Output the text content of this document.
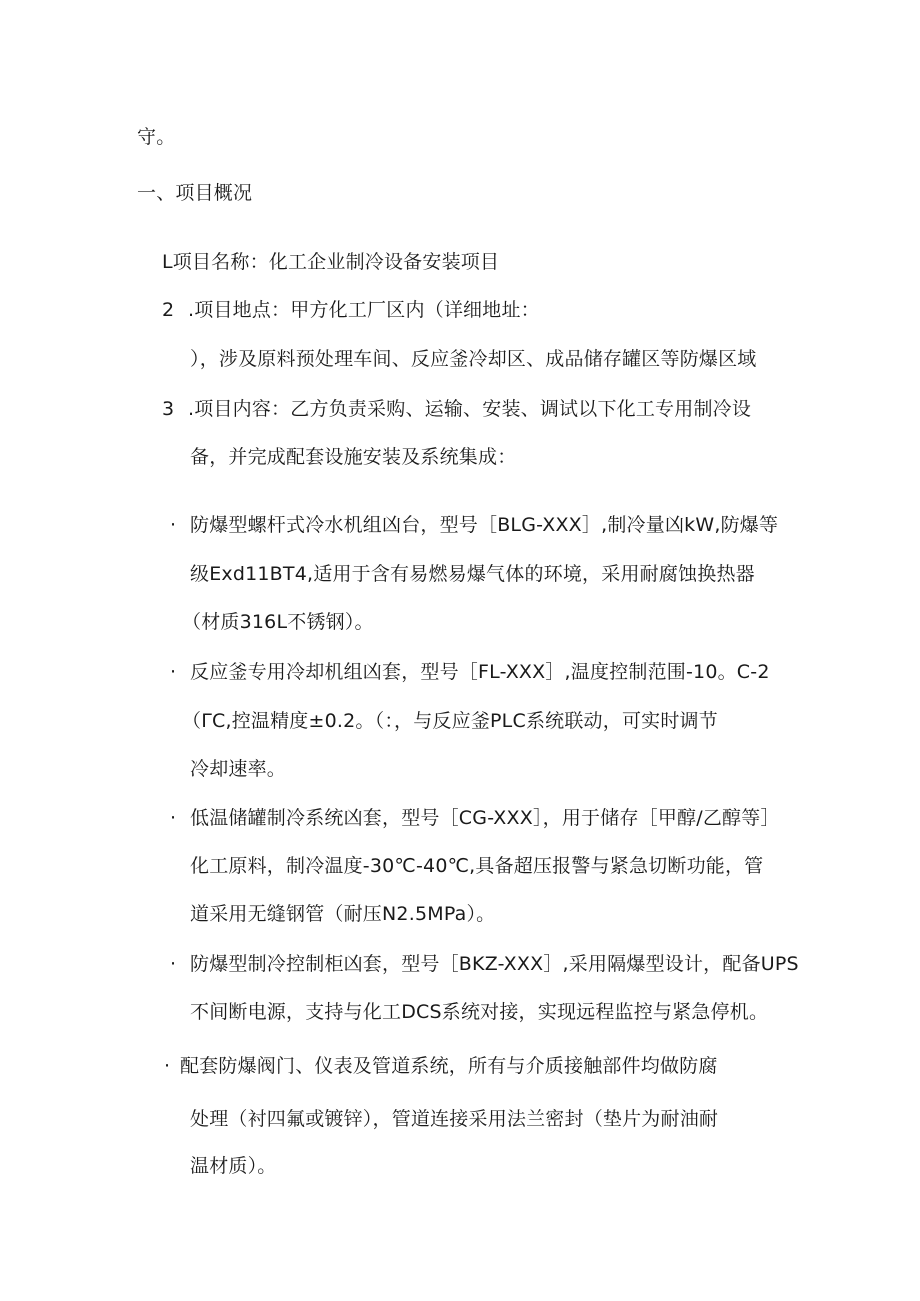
守。
一、项目概况
L项目名称：化工企业制冷设备安装项目
2 .项目地点：甲方化工厂区内（详细地址：
），涉及原料预处理车间、反应釜冷却区、成品储存罐区等防爆区域
3 .项目内容：乙方负责采购、运输、安装、调试以下化工专用制冷设
备，并完成配套设施安装及系统集成：
· 防爆型螺杆式冷水机组凶台，型号［BLG-XXX］,制冷量凶kW,防爆等
级Exd11BT4,适用于含有易燃易爆气体的环境，采用耐腐蚀换热器
（材质316L不锈钢）。
· 反应釜专用冷却机组凶套，型号［FL-XXX］,温度控制范围-10。C-2
（ΓC,控温精度±0.2。（：，与反应釜PLC系统联动，可实时调节
冷却速率。
· 低温储罐制冷系统凶套，型号［CG-XXX］，用于储存［甲醇/乙醇等］
化工原料，制冷温度-30℃-40℃,具备超压报警与紧急切断功能，管
道采用无缝钢管（耐压N2.5MPa）。
· 防爆型制冷控制柜凶套，型号［BKZ-XXX］,采用隔爆型设计，配备UPS
不间断电源，支持与化工DCS系统对接，实现远程监控与紧急停机。
· 配套防爆阀门、仪表及管道系统，所有与介质接触部件均做防腐
处理（衬四氟或镀锌），管道连接采用法兰密封（垫片为耐油耐
温材质）。
